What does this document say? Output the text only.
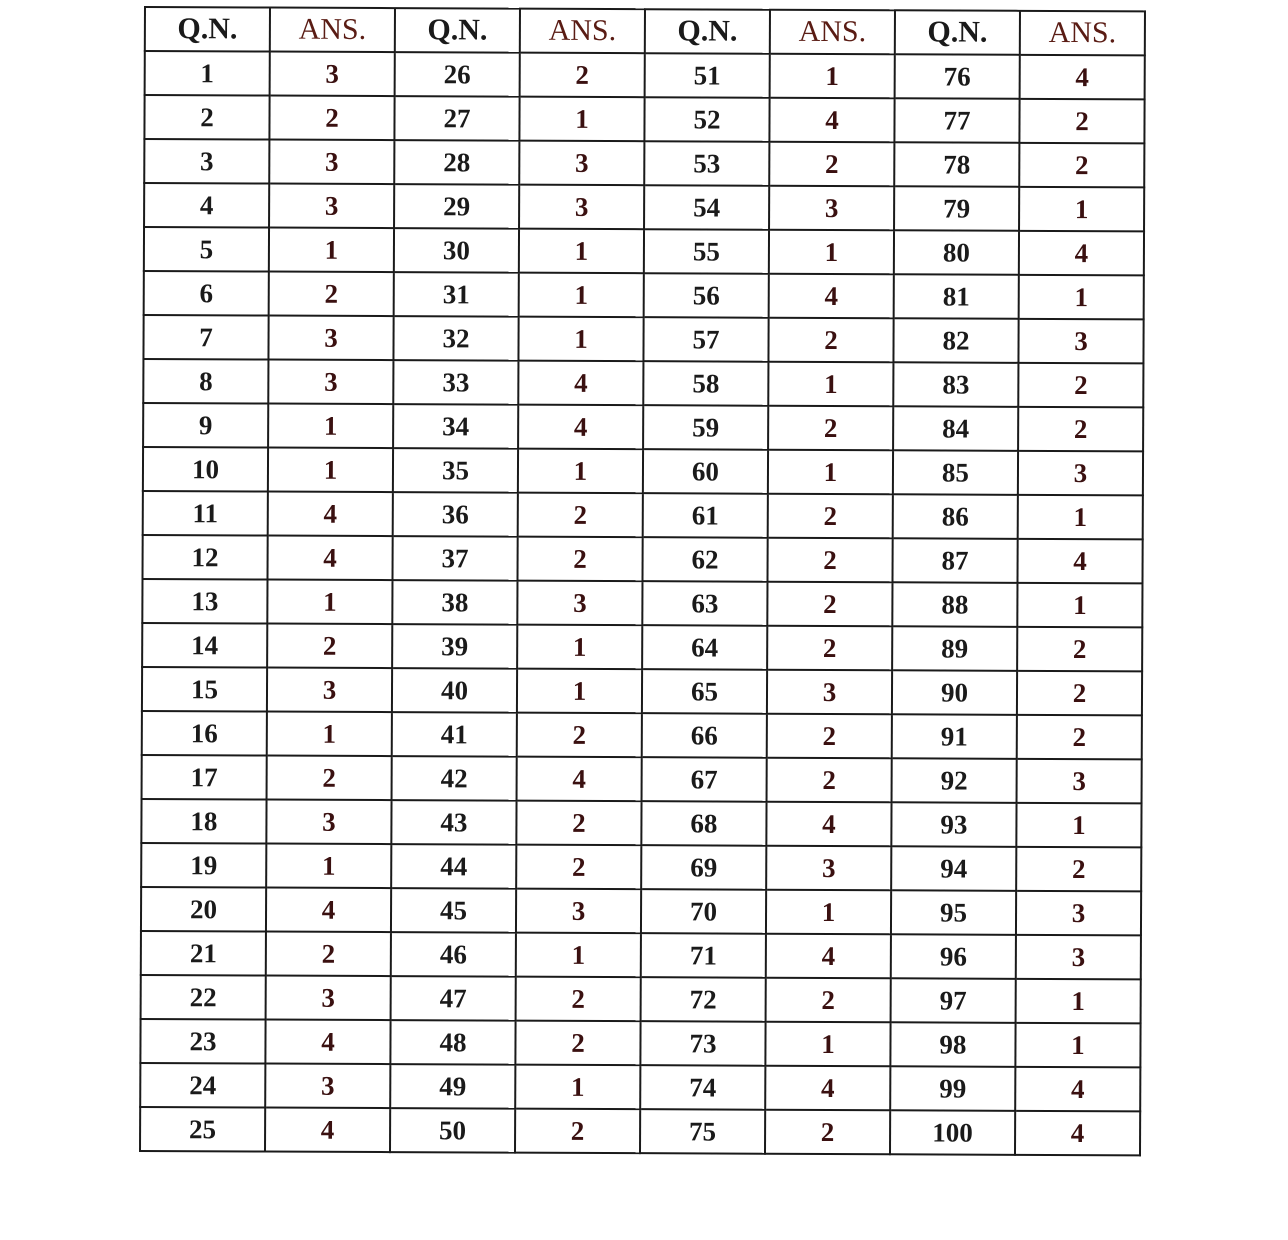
Q.N.	ANS.	Q.N.	ANS.	Q.N.	ANS.	Q.N.	ANS.
1	3	26	2	51	1	76	4
2	2	27	1	52	4	77	2
3	3	28	3	53	2	78	2
4	3	29	3	54	3	79	1
5	1	30	1	55	1	80	4
6	2	31	1	56	4	81	1
7	3	32	1	57	2	82	3
8	3	33	4	58	1	83	2
9	1	34	4	59	2	84	2
10	1	35	1	60	1	85	3
11	4	36	2	61	2	86	1
12	4	37	2	62	2	87	4
13	1	38	3	63	2	88	1
14	2	39	1	64	2	89	2
15	3	40	1	65	3	90	2
16	1	41	2	66	2	91	2
17	2	42	4	67	2	92	3
18	3	43	2	68	4	93	1
19	1	44	2	69	3	94	2
20	4	45	3	70	1	95	3
21	2	46	1	71	4	96	3
22	3	47	2	72	2	97	1
23	4	48	2	73	1	98	1
24	3	49	1	74	4	99	4
25	4	50	2	75	2	100	4
